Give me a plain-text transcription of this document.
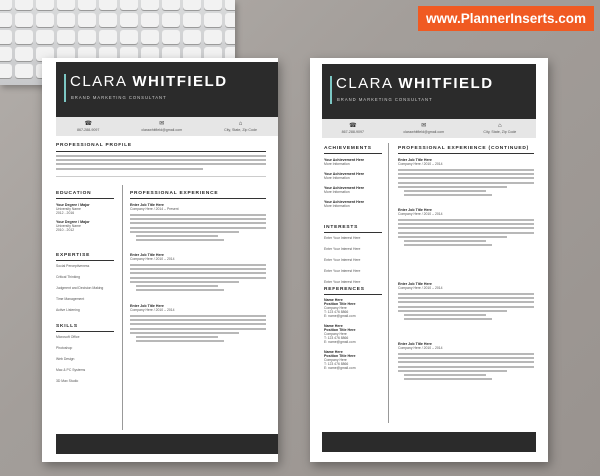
www.PlannerInserts.com
CLARA WHITFIELD
BRAND MARKETING CONSULTANT
☎
867-288-9097
✉
clarawhitfield@gmail.com
⌂
City, State, Zip Code
PROFESSIONAL PROFILE
EDUCATION
Your Degree / Major
University Name
2012 - 2016
Your Degree / Major
University Name
2010 - 2012
EXPERTISE
Social Perceptiveness
Critical Thinking
Judgment and Decision Making
Time Management
Active Listening
SKILLS
Microsoft Office
Photoshop
Web Design
Mac & PC Systems
3D Max Studio
PROFESSIONAL EXPERIENCE
Enter Job Title Here
Company Here / 2014 – Present
Enter Job Title Here
Company Here / 2010 – 2014
Enter Job Title Here
Company Here / 2010 – 2014
CLARA WHITFIELD
BRAND MARKETING CONSULTANT
☎
867-288-9097
✉
clarawhitfield@gmail.com
⌂
City, State, Zip Code
ACHIEVEMENTS
Your Achievement Here
More Information
Your Achievement Here
More Information
Your Achievement Here
More Information
Your Achievement Here
More Information
INTERESTS
Enter Your Interest Here
Enter Your Interest Here
Enter Your Interest Here
Enter Your Interest Here
Enter Your Interest Here
REFERENCES
Name Here
Position Title Here
Company Here
T: 123 476 8866
E: name@gmail.com
Name Here
Position Title Here
Company Here
T: 123 476 8866
E: name@gmail.com
Name Here
Position Title Here
Company Here
T: 123 476 8866
E: name@gmail.com
PROFESSIONAL EXPERIENCE (CONTINUED)
Enter Job Title Here
Company Here / 2010 – 2014
Enter Job Title Here
Company Here / 2010 – 2014
Enter Job Title Here
Company Here / 2010 – 2014
Enter Job Title Here
Company Here / 2010 – 2014
